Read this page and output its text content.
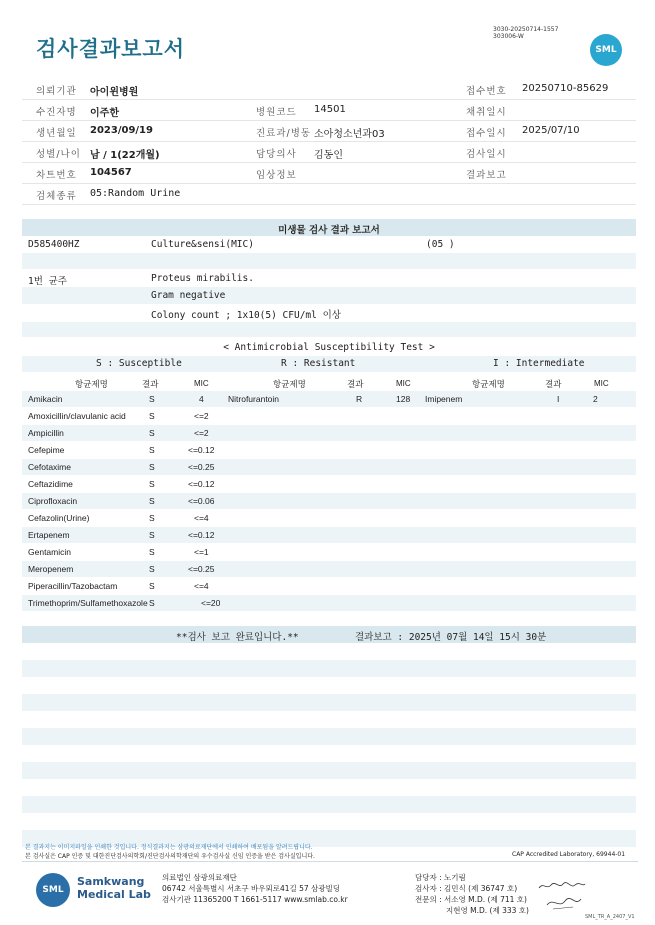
검사결과보고서
3030-20250714-1557
303006-W
SML
의뢰기관 아이윈병원	접수번호 20250710-85629
수진자명 이주한	병원코드 14501	채취일시
생년월일 2023/09/19	진료과/병동 소아청소년과03	접수일시 2025/07/10
성별/나이 남 / 1(22개월)	담당의사 김동인	검사일시
차트번호 104567	임상정보	결과보고
검체종류 05:Random Urine
미생물 검사 결과 보고서
D585400HZ	Culture&sensi(MIC)	(05 )
1번 균주	Proteus mirabilis.
Gram negative
Colony count ; 1x10(5) CFU/ml 이상
< Antimicrobial Susceptibility Test >
S : Susceptible	R : Resistant	I : Intermediate
항균제명	결과	MIC	항균제명	결과	MIC	항균제명	결과	MIC
Amikacin	S	4	Nitrofurantoin	R	128 Imipenem	I	2
Amoxicillin/clavulanic acid	S	<=2
Ampicillin	S	<=2
Cefepime	S	<=0.12
Cefotaxime	S	<=0.25
Ceftazidime	S	<=0.12
Ciprofloxacin	S	<=0.06
Cefazolin(Urine)	S	<=4
Ertapenem	S	<=0.12
Gentamicin	S	<=1
Meropenem	S	<=0.25
Piperacillin/Tazobactam	S	<=4
Trimethoprim/Sulfamethoxazole S	<=20
**검사 보고 완료입니다.**	결과보고 : 2025년 07월 14일 15시 30분
본 결과지는 이미지파일을 인쇄한 것입니다. 정식결과지는 삼광의료재단에서 인쇄하여 배포됨을 알려드립니다.
본 검사실은 CAP 인증 및 대한진단검사의학회/진단검사의학재단의 우수검사실 신임 인증을 받은 검사실입니다.	CAP Accredited Laboratory, 69944-01
SML
Samkwang
Medical Lab
의료법인 삼광의료재단
06742 서울특별시 서초구 바우뫼로41길 57 삼광빌딩
검사기관 11365200 T 1661-5117 www.smlab.co.kr
담당자 : 노기림
검사자 : 김민식 (제 36747 호)
전문의 : 서소영 M.D. (제 711 호)
지현영 M.D. (제 333 호)
SML_TR_A_2407_V1
